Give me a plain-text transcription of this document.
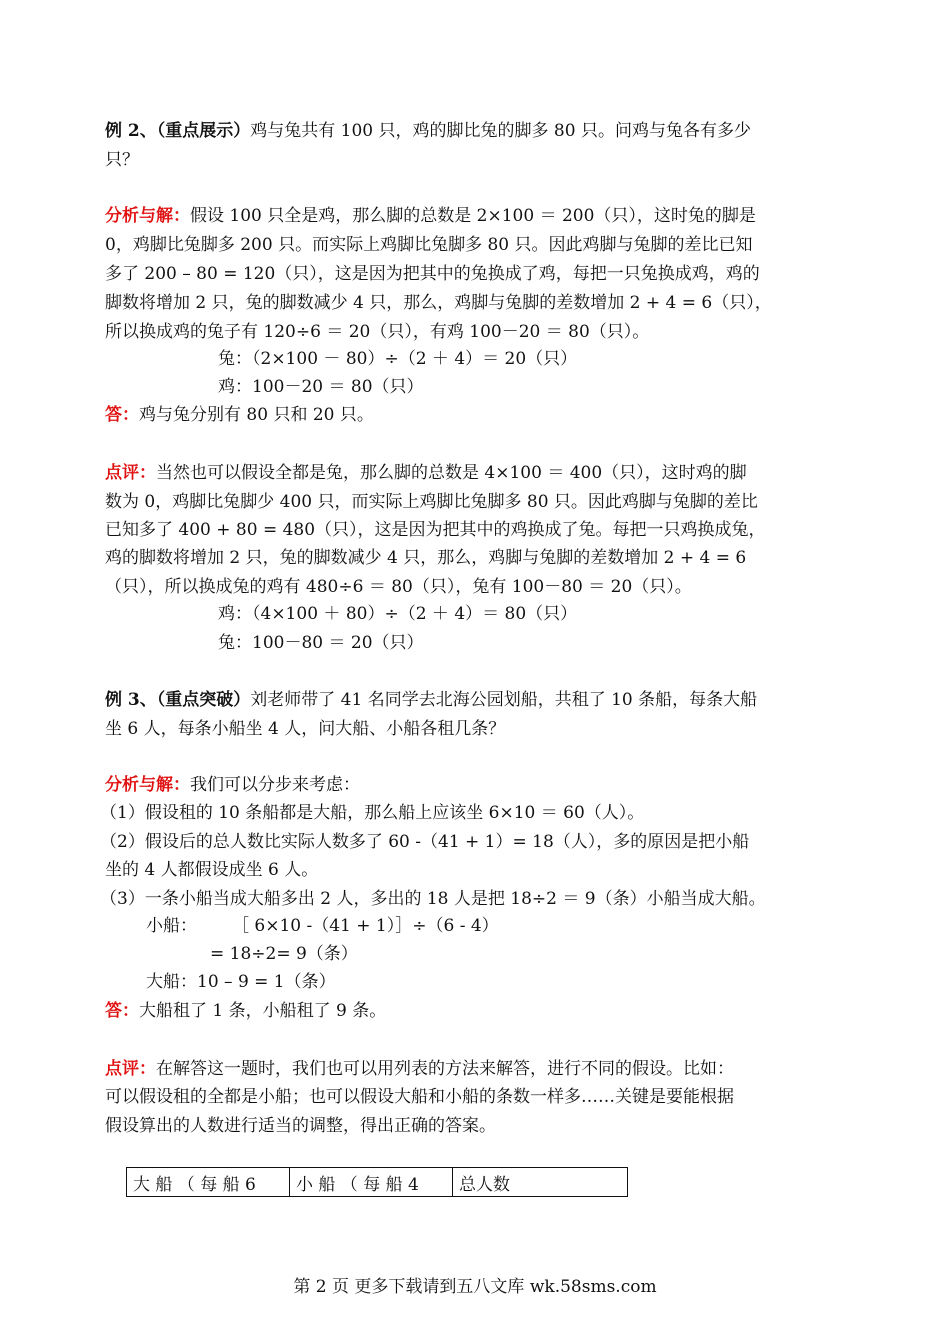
例 2、（重点展示）鸡与兔共有 100 只，鸡的脚比兔的脚多 80 只。问鸡与兔各有多少
只？
分析与解：假设 100 只全是鸡，那么脚的总数是 2×100 ＝ 200（只），这时兔的脚是
0，鸡脚比兔脚多 200 只。而实际上鸡脚比兔脚多 80 只。因此鸡脚与兔脚的差比已知
多了 200 – 80 = 120（只），这是因为把其中的兔换成了鸡，每把一只兔换成鸡，鸡的
脚数将增加 2 只，兔的脚数减少 4 只，那么，鸡脚与兔脚的差数增加 2 + 4 = 6（只），
所以换成鸡的兔子有 120÷6 ＝ 20（只），有鸡 100－20 ＝ 80（只）。
兔：（2×100 － 80）÷（2 ＋ 4）＝ 20（只）
鸡：100－20 ＝ 80（只）
答：鸡与兔分别有 80 只和 20 只。
点评：当然也可以假设全都是兔，那么脚的总数是 4×100 ＝ 400（只），这时鸡的脚
数为 0，鸡脚比兔脚少 400 只，而实际上鸡脚比兔脚多 80 只。因此鸡脚与兔脚的差比
已知多了 400 + 80 = 480（只），这是因为把其中的鸡换成了兔。每把一只鸡换成兔，
鸡的脚数将增加 2 只，兔的脚数减少 4 只，那么，鸡脚与兔脚的差数增加 2 + 4 = 6
（只），所以换成兔的鸡有 480÷6 ＝ 80（只），兔有 100－80 ＝ 20（只）。
鸡：（4×100 ＋ 80）÷（2 ＋ 4）＝ 80（只）
兔：100－80 ＝ 20（只）
例 3、（重点突破）刘老师带了 41 名同学去北海公园划船，共租了 10 条船，每条大船
坐 6 人，每条小船坐 4 人，问大船、小船各租几条？
分析与解：我们可以分步来考虑：
（1）假设租的 10 条船都是大船，那么船上应该坐 6×10 ＝ 60（人）。
（2）假设后的总人数比实际人数多了 60 -（41 + 1）= 18（人），多的原因是把小船
坐的 4 人都假设成坐 6 人。
（3）一条小船当成大船多出 2 人，多出的 18 人是把 18÷2 ＝ 9（条）小船当成大船。
小船：	［ 6×10 -（41 + 1）］÷（6 - 4）
= 18÷2= 9（条）
大船：10 – 9 = 1（条）
答：大船租了 1 条，小船租了 9 条。
点评：在解答这一题时，我们也可以用列表的方法来解答，进行不同的假设。比如：
可以假设租的全都是小船；也可以假设大船和小船的条数一样多……关键是要能根据
假设算出的人数进行适当的调整，得出正确的答案。
大 船 （ 每 船 6	小 船 （ 每 船 4	总人数
第 2 页 更多下载请到五八文库 wk.58sms.com
